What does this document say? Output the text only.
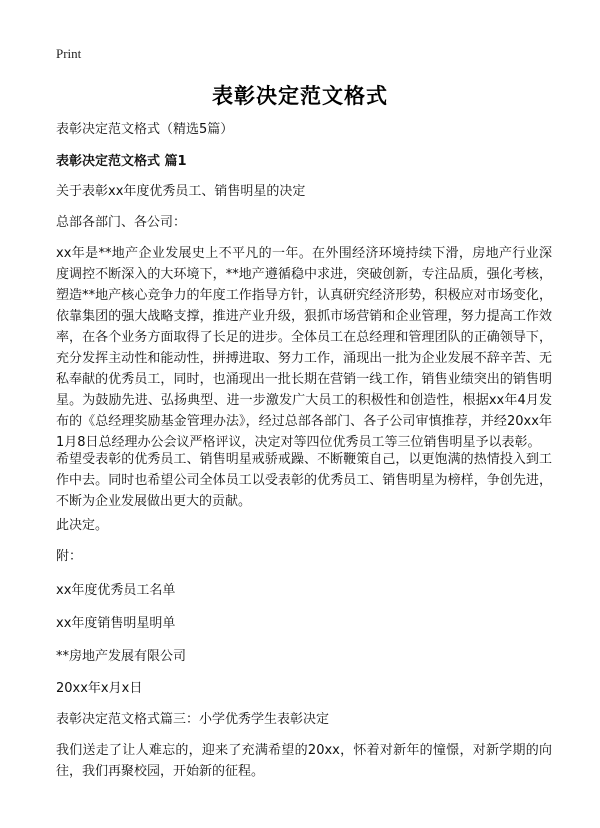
Print
表彰决定范文格式

表彰决定范文格式（精选5篇）

表彰决定范文格式 篇1

关于表彰xx年度优秀员工、销售明星的决定

总部各部门、各公司：

xx年是**地产企业发展史上不平凡的一年。在外围经济环境持续下滑，房地产行业深度调控不断深入的大环境下，**地产遵循稳中求进，突破创新，专注品质，强化考核，塑造**地产核心竞争力的年度工作指导方针，认真研究经济形势，积极应对市场变化，依靠集团的强大战略支撑，推进产业升级，狠抓市场营销和企业管理，努力提高工作效率，在各个业务方面取得了长足的进步。全体员工在总经理和管理团队的正确领导下，充分发挥主动性和能动性，拼搏进取、努力工作，涌现出一批为企业发展不辞辛苦、无私奉献的优秀员工，同时，也涌现出一批长期在营销一线工作，销售业绩突出的销售明星。为鼓励先进、弘扬典型、进一步激发广大员工的积极性和创造性，根据xx年4月发布的《总经理奖励基金管理办法》，经过总部各部门、各子公司审慎推荐，并经20xx年1月8日总经理办公会议严格评议，决定对等四位优秀员工等三位销售明星予以表彰。

希望受表彰的优秀员工、销售明星戒骄戒躁、不断鞭策自己，以更饱满的热情投入到工作中去。同时也希望公司全体员工以受表彰的优秀员工、销售明星为榜样，争创先进，不断为企业发展做出更大的贡献。

此决定。

附：

xx年度优秀员工名单

xx年度销售明星明单

**房地产发展有限公司

20xx年x月x日

表彰决定范文格式篇三：小学优秀学生表彰决定

我们送走了让人难忘的，迎来了充满希望的20xx，怀着对新年的憧憬，对新学期的向往，我们再聚校园，开始新的征程。
